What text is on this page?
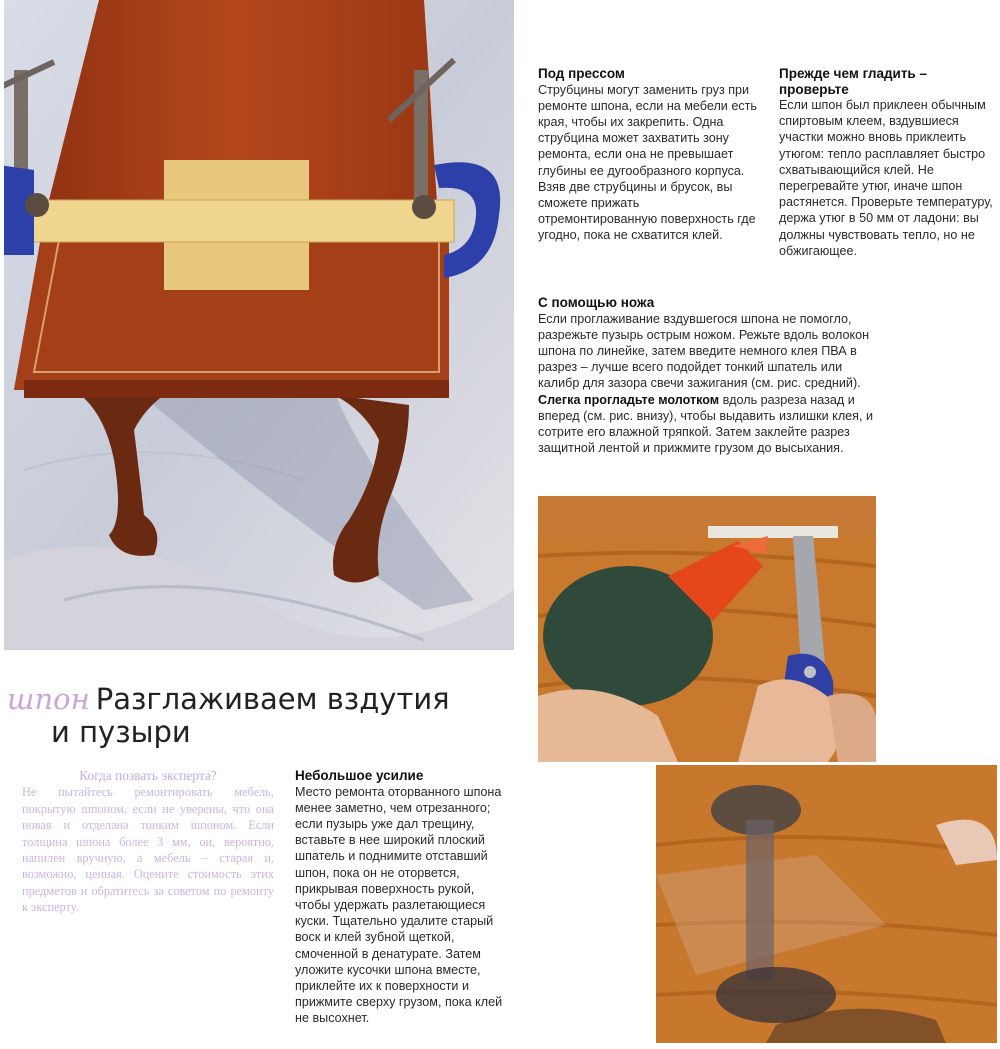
Под прессом

Струбцины могут заменить груз при ремонте шпона, если на мебели есть края, чтобы их закрепить. Одна струбцина может захватить зону ремонта, если она не превышает глубины ее дугообразного корпуса. Взяв две струбцины и брусок, вы сможете прижать отремонтированную поверхность где угодно, пока не схватится клей.

Прежде чем гладить – проверьте

Если шпон был приклеен обычным спиртовым клеем, вздувшиеся участки можно вновь приклеить утюгом: тепло расплавляет быстро схватывающийся клей. Не перегревайте утюг, иначе шпон растянется. Проверьте температуру, держа утюг в 50 мм от ладони: вы должны чувствовать тепло, но не обжигающее.

С помощью ножа

Если проглаживание вздувшегося шпона не помогло, разрежьте пузырь острым ножом. Режьте вдоль волокон шпона по линейке, затем введите немного клея ПВА в разрез – лучше всего подойдет тонкий шпатель или калибр для зазора свечи зажигания (см. рис. средний).

Слегка прогладьте молотком вдоль разреза назад и вперед (см. рис. внизу), чтобы выдавить излишки клея, и сотрите его влажной тряпкой. Затем заклейте разрез защитной лентой и прижмите грузом до высыхания.

шпон Разглаживаем вздутия
и пузыри
Когда позвать эксперта?

Не пытайтесь ремонтировать мебель, покрытую шпоном, если не уверены, что она новая и отделана тонким шпоном. Если толщина шпона более 3 мм, он, вероятно, напилен вручную, а мебель – старая и, возможно, ценная. Оцените стоимость этих предметов и обратитесь за советом по ремонту к эксперту.

Небольшое усилие

Место ремонта оторванного шпона менее заметно, чем отрезанного; если пузырь уже дал трещину, вставьте в нее широкий плоский шпатель и поднимите отставший шпон, пока он не оторвется, прикрывая поверхность рукой, чтобы удержать разлетающиеся куски. Тщательно удалите старый воск и клей зубной щеткой, смоченной в денатурате. Затем уложите кусочки шпона вместе, приклейте их к поверхности и прижмите сверху грузом, пока клей не высохнет.
